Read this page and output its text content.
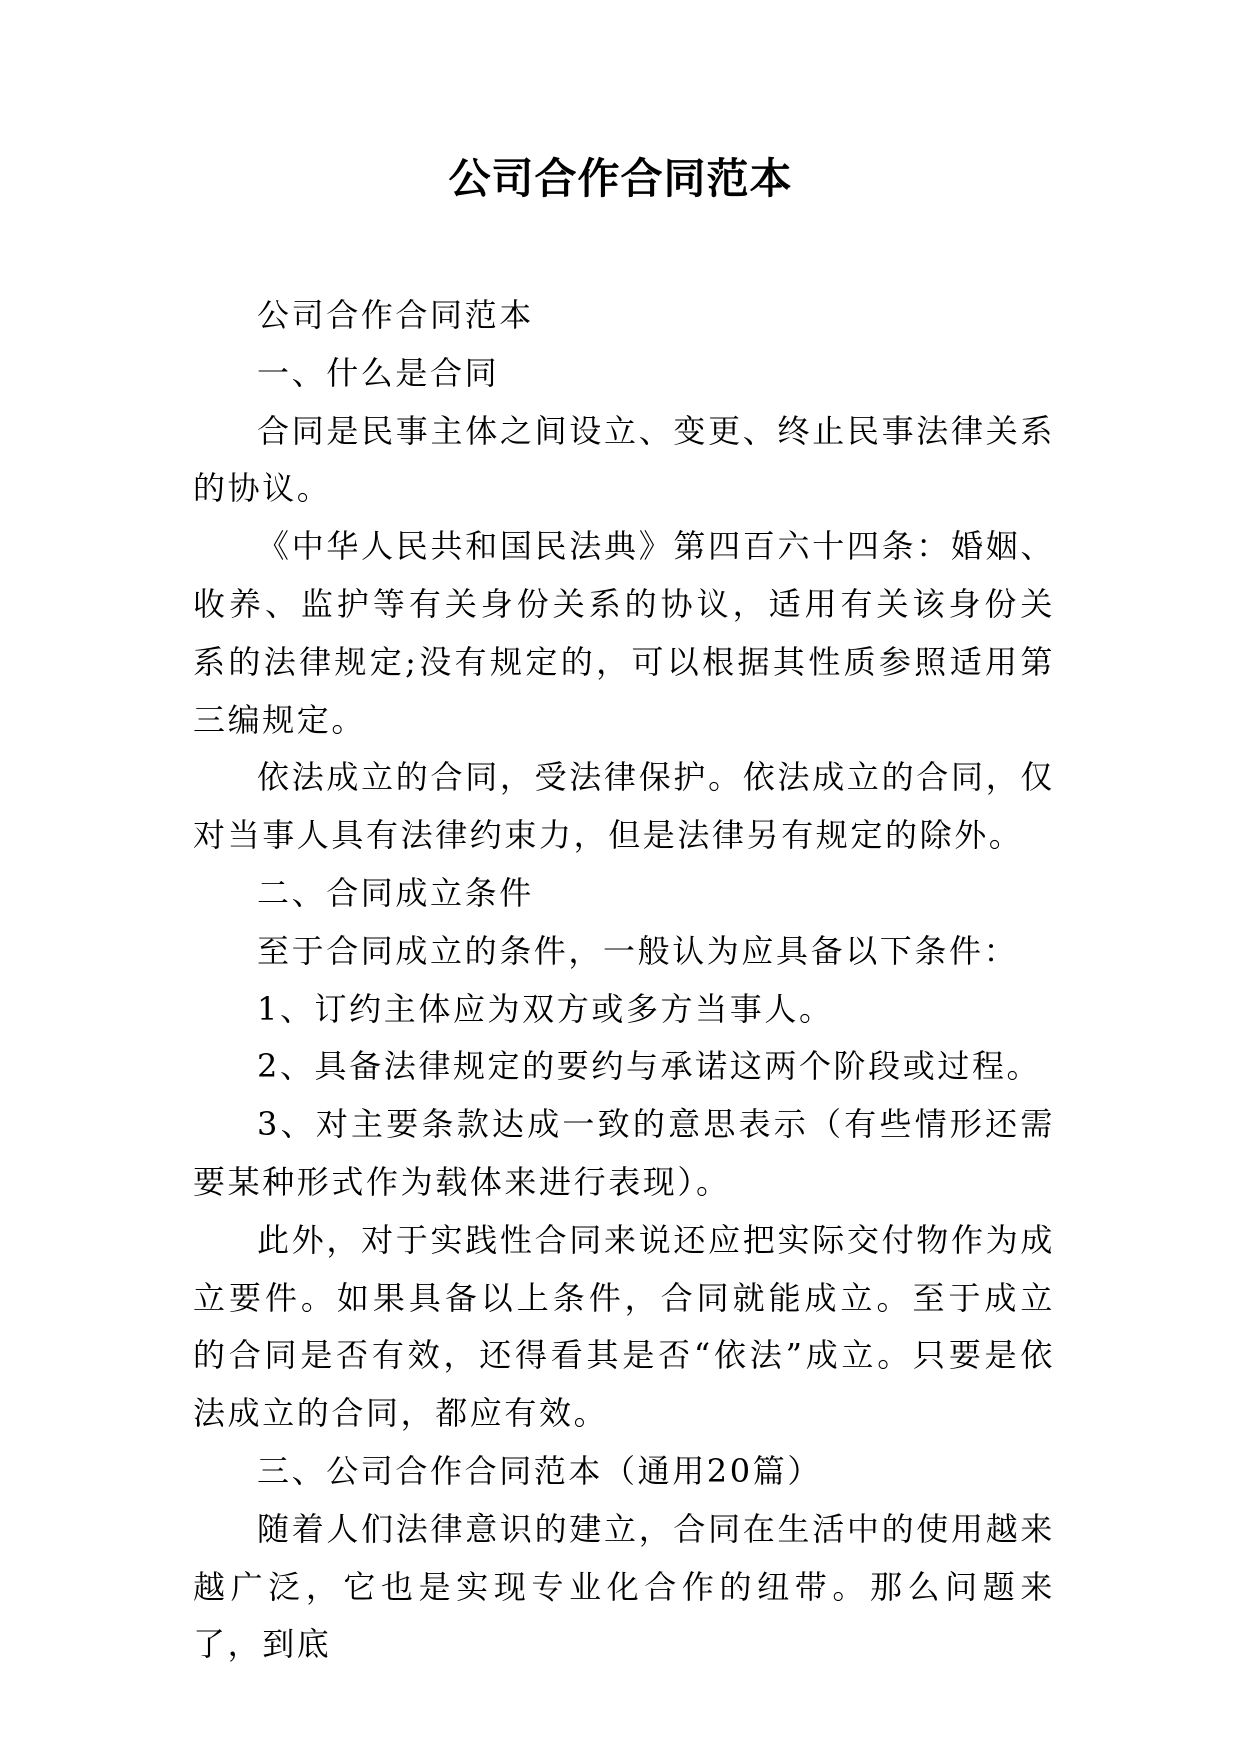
公司合作合同范本

公司合作合同范本

一、什么是合同

合同是民事主体之间设立、变更、终止民事法律关系的协议。

《中华人民共和国民法典》第四百六十四条：婚姻、收养、监护等有关身份关系的协议，适用有关该身份关系的法律规定;没有规定的，可以根据其性质参照适用第三编规定。

依法成立的合同，受法律保护。依法成立的合同，仅对当事人具有法律约束力，但是法律另有规定的除外。

二、合同成立条件

至于合同成立的条件，一般认为应具备以下条件：

1、订约主体应为双方或多方当事人。

2、具备法律规定的要约与承诺这两个阶段或过程。

3、对主要条款达成一致的意思表示（有些情形还需要某种形式作为载体来进行表现）。

此外，对于实践性合同来说还应把实际交付物作为成立要件。如果具备以上条件，合同就能成立。至于成立的合同是否有效，还得看其是否“依法”成立。只要是依法成立的合同，都应有效。

三、公司合作合同范本（通用20篇）

随着人们法律意识的建立，合同在生活中的使用越来越广泛，它也是实现专业化合作的纽带。那么问题来了，到底
